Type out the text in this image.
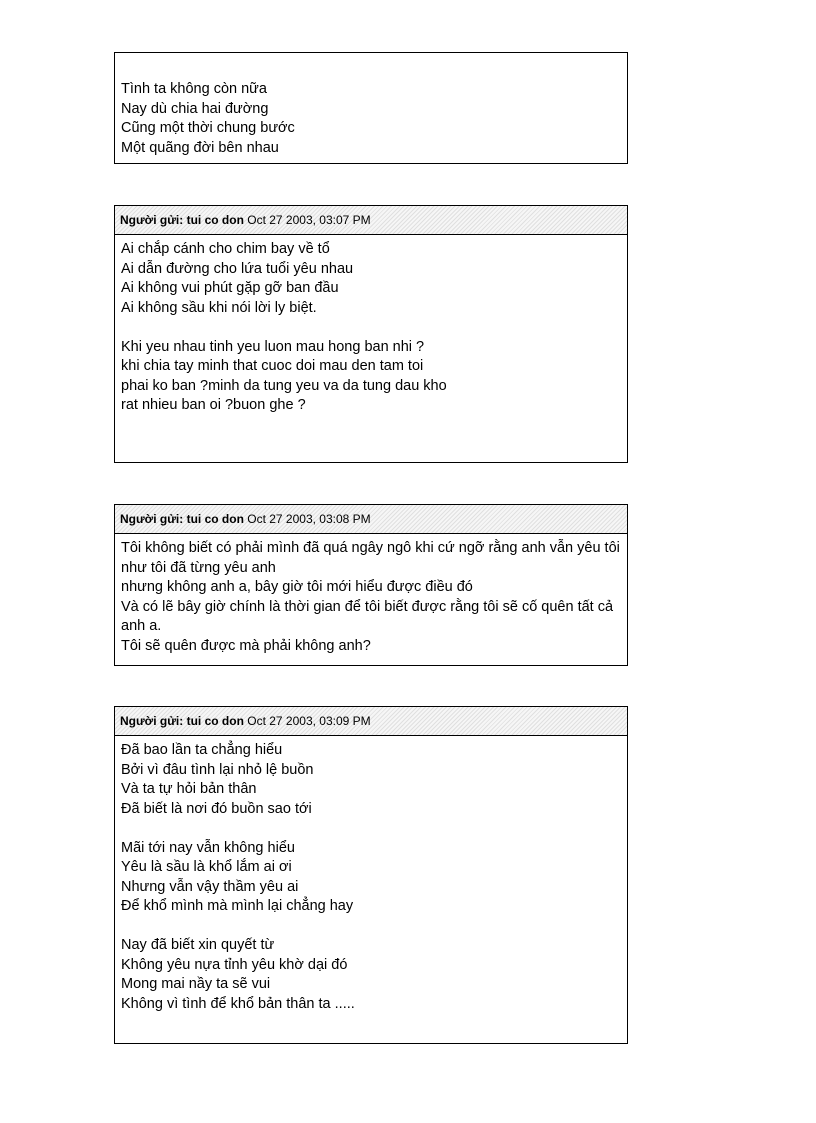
Tình ta không còn nữa
Nay dù chia hai đường
Cũng một thời chung bước
Một quãng đời bên nhau
Người gửi: tui co don Oct 27 2003, 03:07 PM
Ai chắp cánh cho chim bay về tổ
Ai dẫn đường cho lứa tuổi yêu nhau
Ai không vui phút gặp gỡ ban đầu
Ai không sầu khi nói lời ly biệt.
Khi yeu nhau tinh yeu luon mau hong ban nhi ?
khi chia tay minh that cuoc doi mau den tam toi
phai ko ban ?minh da tung yeu va da tung dau kho
rat nhieu ban oi ?buon ghe ?
Người gửi: tui co don Oct 27 2003, 03:08 PM
Tôi không biết có phải mình đã quá ngây ngô khi cứ ngỡ rằng anh vẫn yêu tôi như tôi đã từng yêu anh
nhưng không anh a, bây giờ tôi mới hiểu được điều đó
Và có lẽ bây giờ chính là thời gian để tôi biết được rằng tôi sẽ cố quên tất cả anh a.
Tôi sẽ quên được mà phải không anh?
Người gửi: tui co don Oct 27 2003, 03:09 PM
Đã bao lần ta chẳng hiểu
Bởi vì đâu tình lại nhỏ lệ buồn
Và ta tự hỏi bản thân
Đã biết là nơi đó buồn sao tới
Mãi tới nay vẫn không hiểu
Yêu là sầu là khổ lắm ai ơi
Nhưng vẫn vậy thầm yêu ai
Để khổ mình mà mình lại chẳng hay
Nay đã biết xin quyết từ
Không yêu nựa tỉnh yêu khờ dại đó
Mong mai nầy ta sẽ vui
Không vì tình để khổ bản thân ta .....
